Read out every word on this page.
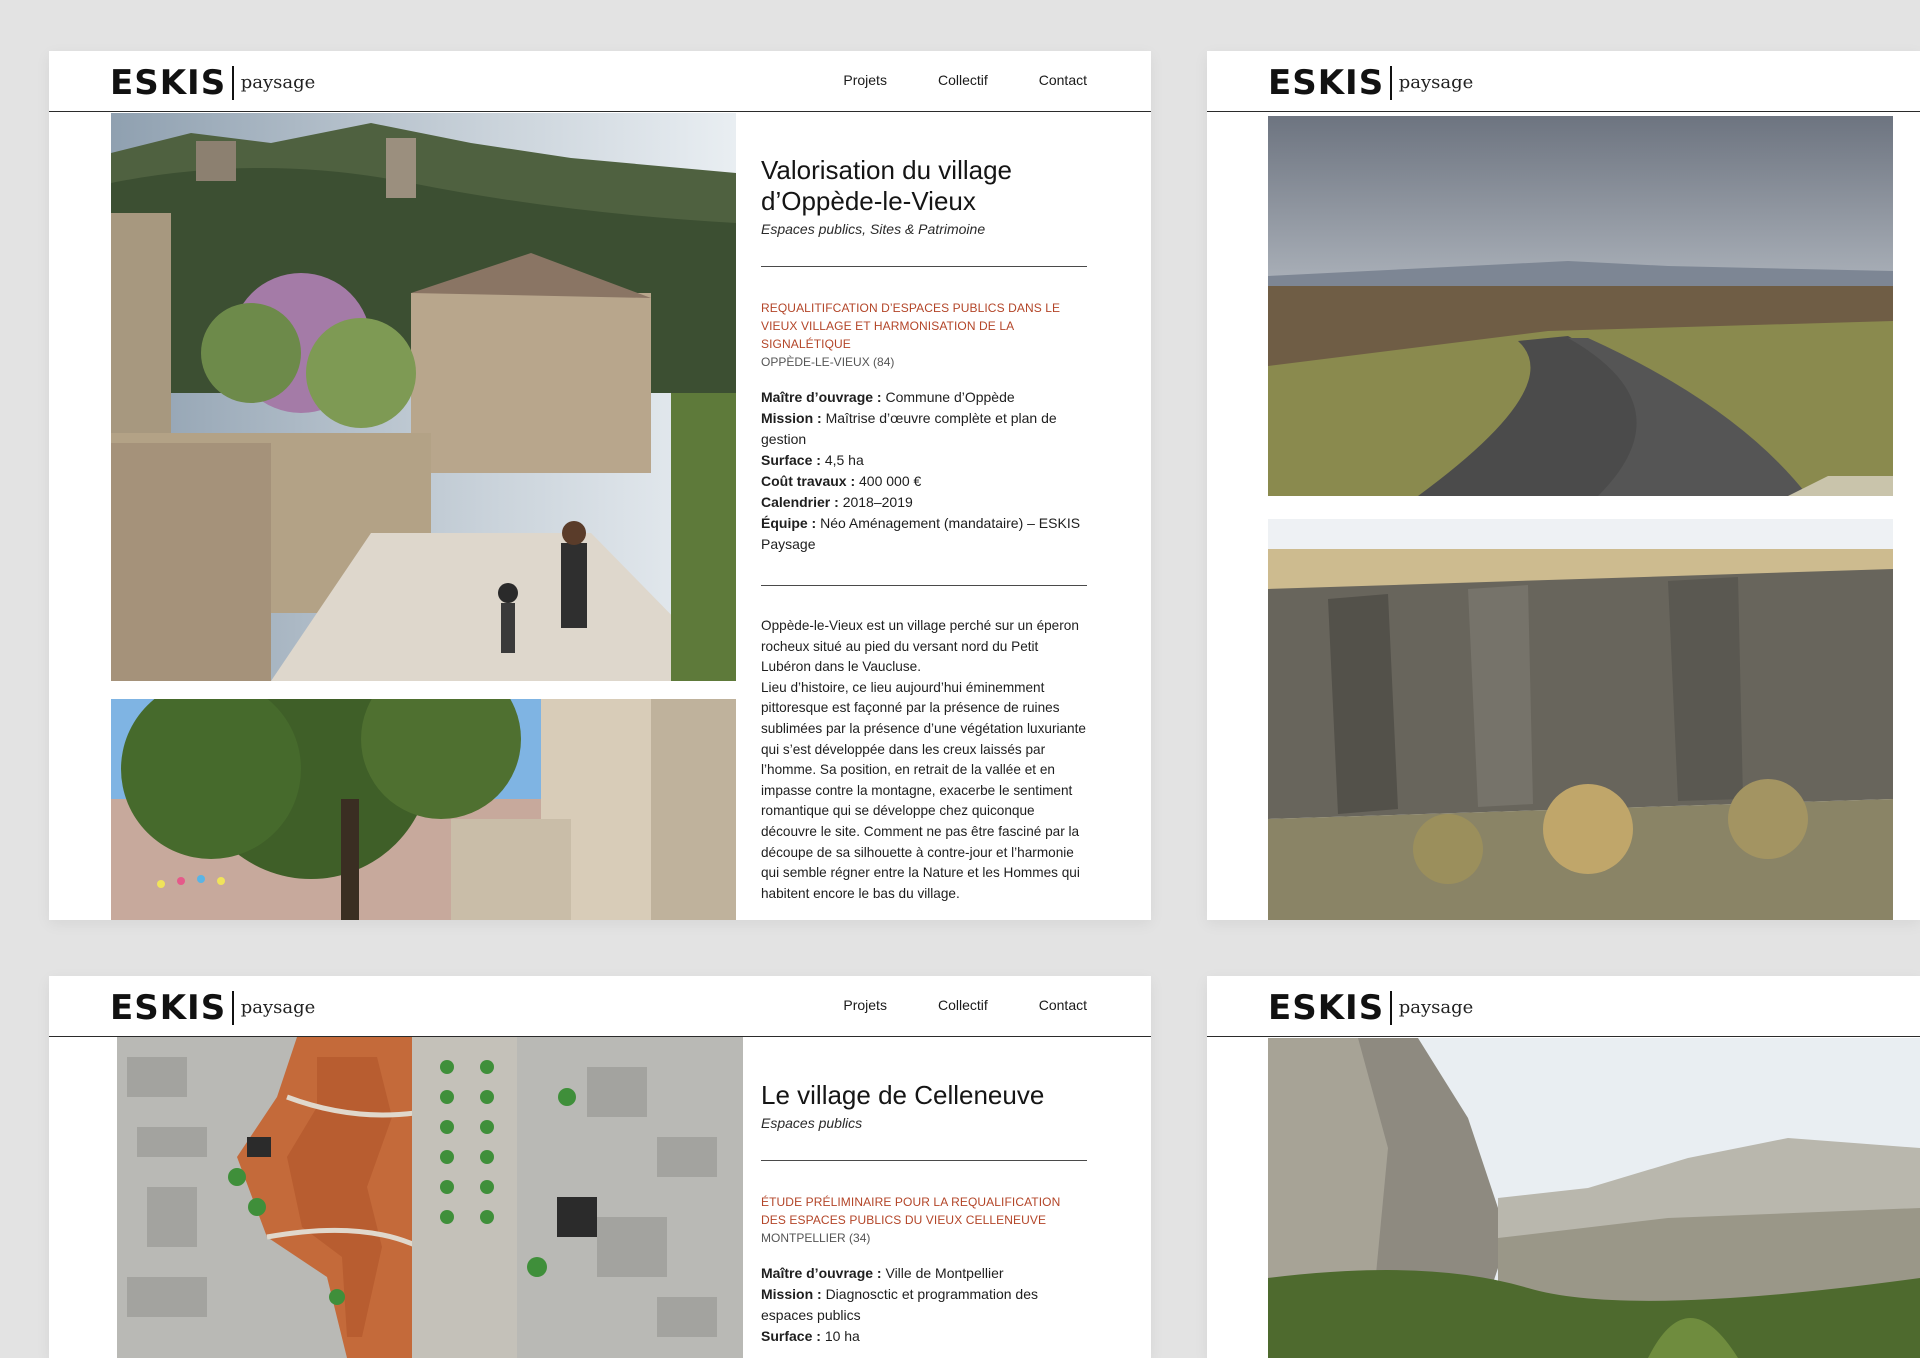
ESKIS paysage	Projets	Collectif	Contact
Valorisation du village
d’Oppède-le-Vieux
Espaces publics, Sites & Patrimoine
REQUALITIFCATION D’ESPACES PUBLICS DANS LE VIEUX VILLAGE ET HARMONISATION DE LA SIGNALÉTIQUE
OPPÈDE-LE-VIEUX (84)
Maître d’ouvrage : Commune d’Oppède
Mission : Maîtrise d’œuvre complète et plan de gestion
Surface : 4,5 ha
Coût travaux : 400 000 €
Calendrier : 2018–2019
Équipe : Néo Aménagement (mandataire) – ESKIS Paysage
Oppède-le-Vieux est un village perché sur un éperon rocheux situé au pied du versant nord du Petit Lubéron dans le Vaucluse.
Lieu d’histoire, ce lieu aujourd’hui éminemment pittoresque est façonné par la présence de ruines sublimées par la présence d’une végétation luxuriante qui s’est développée dans les creux laissés par l’homme. Sa position, en retrait de la vallée et en impasse contre la montagne, exacerbe le sentiment romantique qui se développe chez quiconque découvre le site. Comment ne pas être fasciné par la découpe de sa silhouette à contre-jour et l’harmonie qui semble régner entre la Nature et les Hommes qui habitent encore le bas du village.
ESKIS paysage
ESKIS paysage	Projets	Collectif	Contact
Le village de Celleneuve
Espaces publics
ÉTUDE PRÉLIMINAIRE POUR LA REQUALIFICATION DES ESPACES PUBLICS DU VIEUX CELLENEUVE
MONTPELLIER (34)
Maître d’ouvrage : Ville de Montpellier
Mission : Diagnosctic et programmation des espaces publics
Surface : 10 ha
ESKIS paysage
